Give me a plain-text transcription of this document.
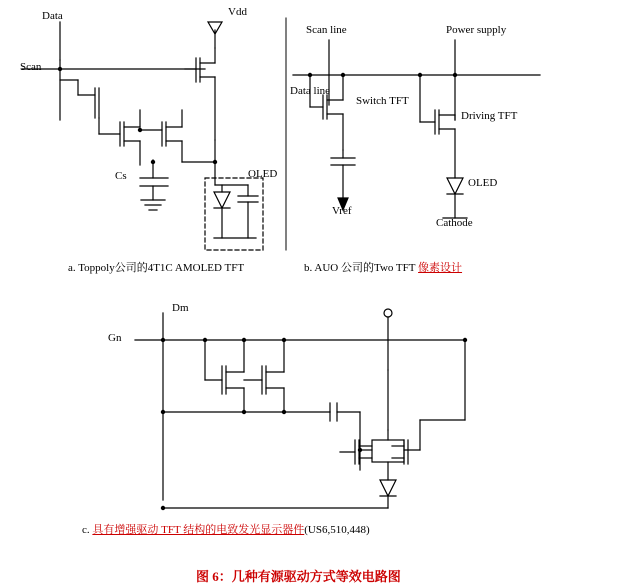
Data	Vdd
Scan
Cs	OLED
Scan line	Power supply
Data line
Switch TFT
Driving TFT
Vref
OLED
Cathode
Dm
Gn
a. Toppoly公司的4T1C AMOLED TFT	b. AUO 公司的Two TFT 像素设计
c. 具有增强驱动 TFT 结构的电致发光显示器件(US6,510,448)
图 6：几种有源驱动方式等效电路图
